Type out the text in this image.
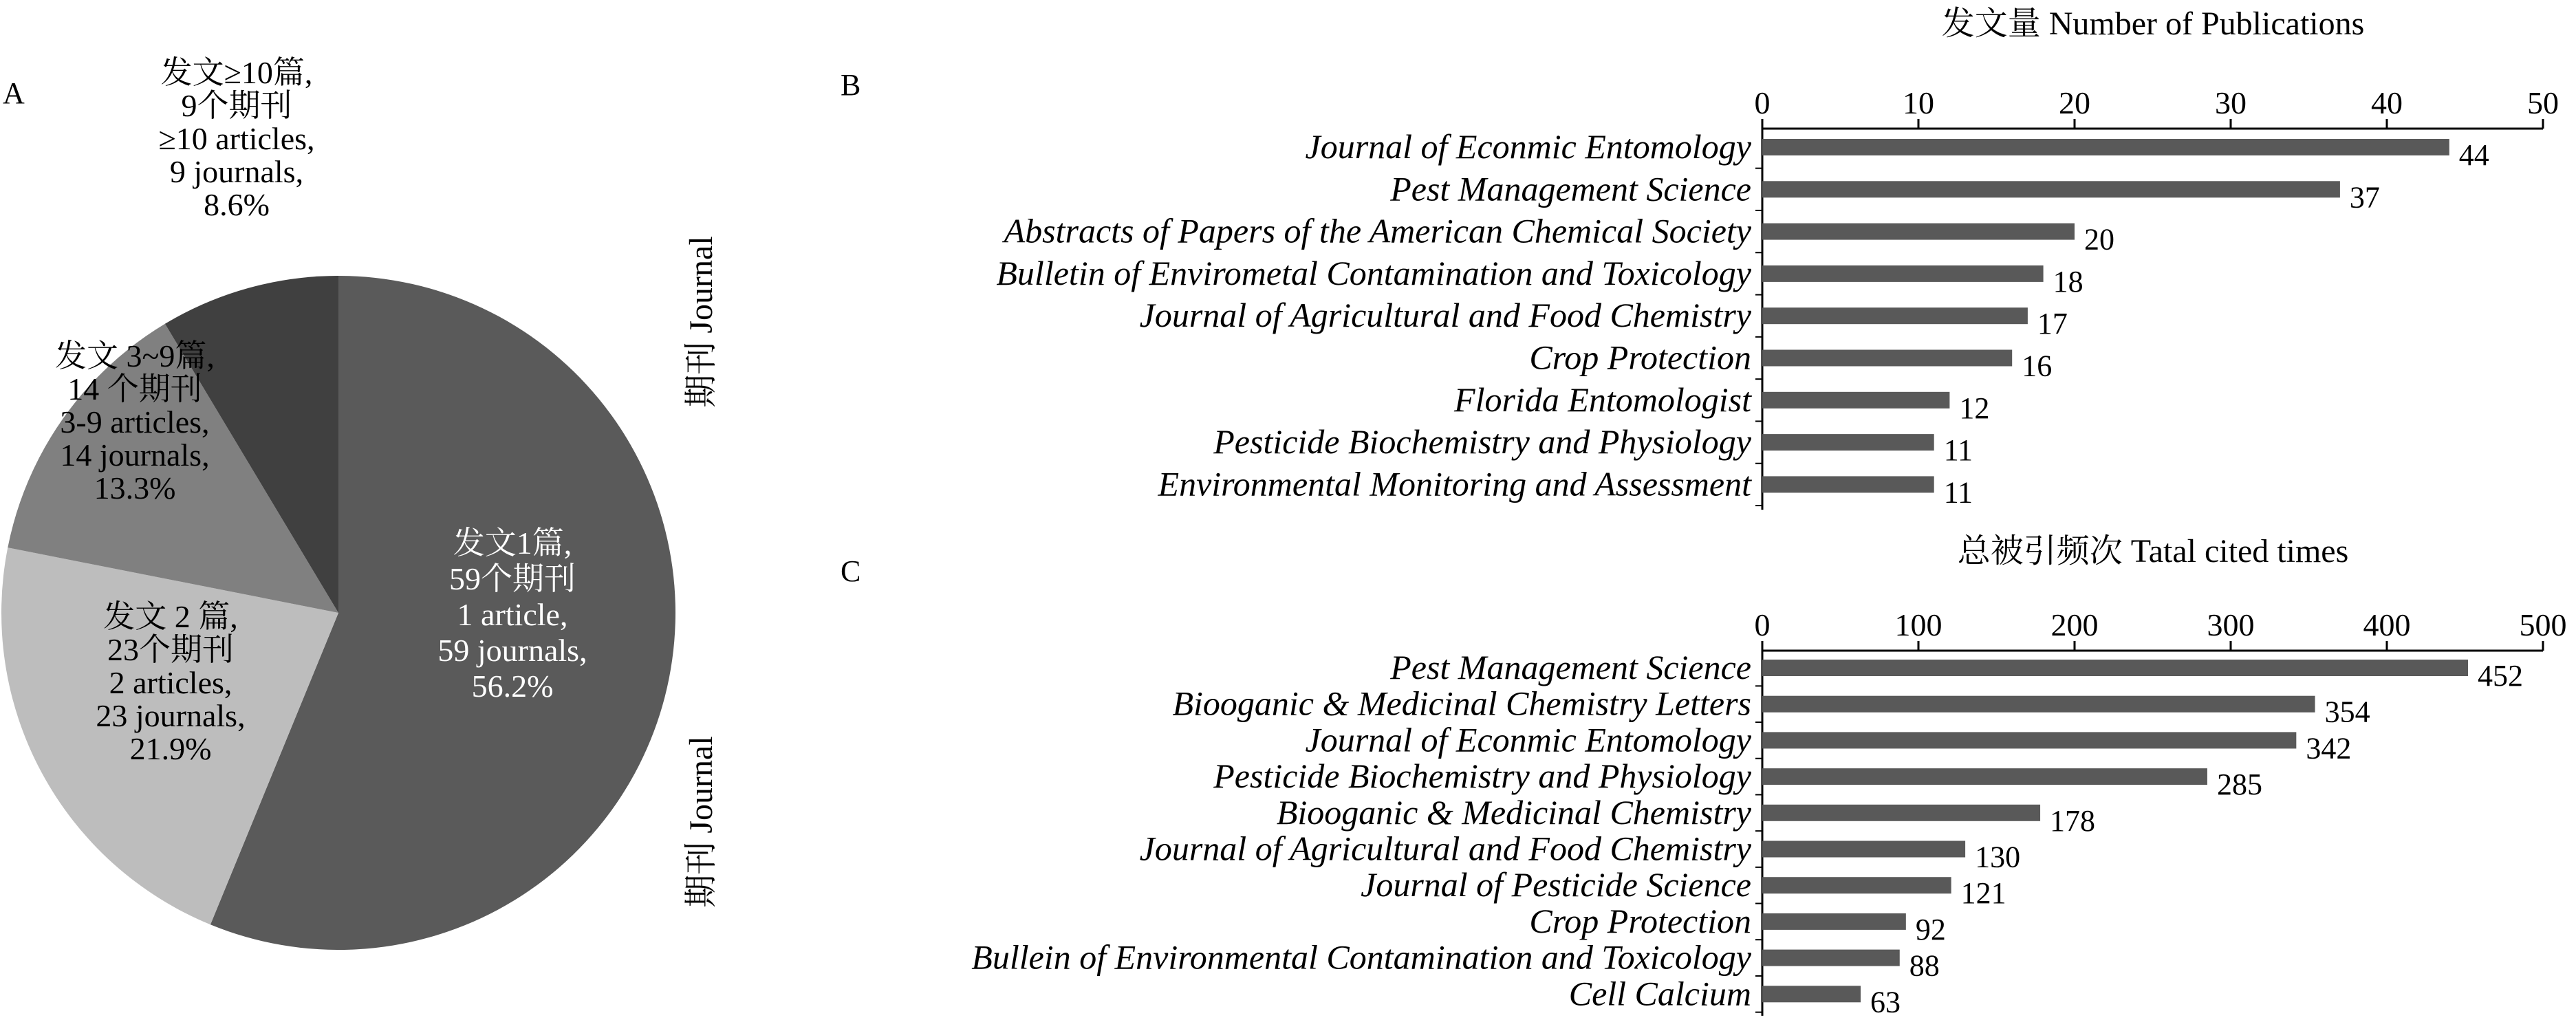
A	B
C
发文1篇, 59个期刊 1 article, 59 journals, 56.2%
发文 2 篇, 23个期刊 2 articles, 23 journals, 21.9%
发文 3~9篇, 14 个期刊 3-9 articles, 14 journals, 13.3%
发文≥10篇, 9个期刊≥10 articles, 9 journals, 8.6%
发文量 Number of Publications
0	10	20	30	40	50
Journal of Econmic Entomology	44
Pest Management Science	37
Abstracts of Papers of the American Chemical Society	20
Bulletin of Envirometal Contamination and Toxicology	18
Journal of Agricultural and Food Chemistry	17
Crop Protection	16
Florida Entomologist	12
Pesticide Biochemistry and Physiology	11
Environmental Monitoring and Assessment	11
期刊 Journal
总被引频次 Tatal cited times
0	100	200	300	400	500
Pest Management Science	452
Biooganic & Medicinal Chemistry Letters	354
Journal of Econmic Entomology	342
Pesticide Biochemistry and Physiology	285
Biooganic & Medicinal Chemistry	178
Journal of Agricultural and Food Chemistry	130
Journal of Pesticide Science	121
Crop Protection	92
Bullein of Environmental Contamination and Toxicology	88
Cell Calcium	63
期刊 Journal
